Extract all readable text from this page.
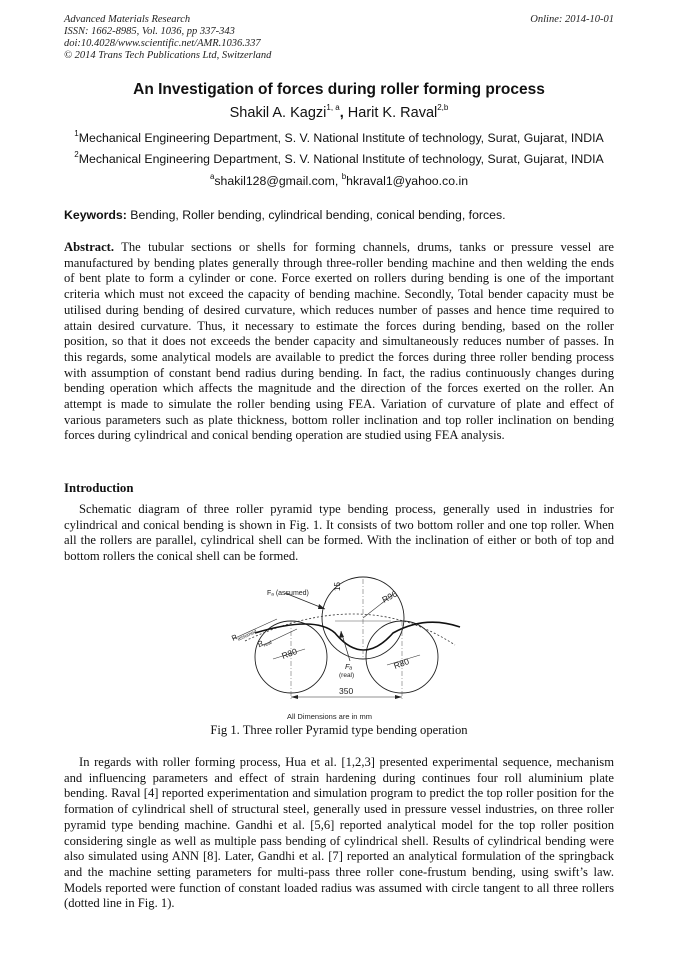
Advanced Materials Research
ISSN: 1662-8985, Vol. 1036, pp 337-343
doi:10.4028/www.scientific.net/AMR.1036.337
© 2014 Trans Tech Publications Ltd, Switzerland
Online: 2014-10-01
An Investigation of forces during roller forming process
Shakil A. Kagzi$^{1, a}$, Harit K. Raval$^{2,b}$
$^1$Mechanical Engineering Department, S. V. National Institute of technology, Surat, Gujarat, INDIA
$^2$Mechanical Engineering Department, S. V. National Institute of technology, Surat, Gujarat, INDIA
$^a$shakil128@gmail.com, $^b$hkraval1@yahoo.co.in
Keywords: Bending, Roller bending, cylindrical bending, conical bending, forces.

Abstract. The tubular sections or shells for forming channels, drums, tanks or pressure vessel are manufactured by bending plates generally through three-roller bending machine and then welding the ends of bent plate to form a cylinder or cone. Force exerted on rollers during bending is one of the important criteria which must not exceed the capacity of bending machine. Secondly, Total bender capacity must be utilised during bending of desired curvature, which reduces number of passes and hence time required to attain desired curvature. Thus, it necessary to estimate the forces during bending, based on the roller position, so that it does not exceeds the bender capacity and simultaneously reduces number of passes. In this regards, some analytical models are available to predict the forces during three roller bending process with assumption of constant bend radius during bending. In fact, the radius continuously changes during bending operation which affects the magnitude and the direction of the forces exerted on the roller. An attempt is made to simulate the roller bending using FEA. Variation of curvature of plate and effect of various parameters such as plate thickness, bottom roller inclination and top roller inclination on bending forces during cylindrical and conical bending operation are studied using FEA analysis.

Introduction

Schematic diagram of three roller pyramid type bending process, generally used in industries for cylindrical and conical bending is shown in Fig. 1. It consists of two bottom roller and one top roller. When all the rollers are parallel, cylindrical shell can be formed. With the inclination of either or both of top and bottom rollers the conical shell can be formed.

Fₐ (assumed)
15
R90
R
assumed
R
real
R80
R80
Fₐ
(real)
350
All Dimensions are in mm
Fig 1. Three roller Pyramid type bending operation

In regards with roller forming process, Hua et al. [1,2,3] presented experimental sequence, mechanism and influencing parameters and effect of strain hardening during continues four roll aluminium plate bending. Raval [4] reported experimentation and simulation program to predict the top roller position for the formation of cylindrical shell of structural steel, generally used in pressure vessel industries, on three roller pyramid type bending machine. Gandhi et al. [5,6] reported analytical model for the top roller position considering single as well as multiple pass bending of cylindrical shell. Results of cylindrical bending were also simulated using ANN [8]. Later, Gandhi et al. [7] reported an analytical formulation of the springback and the machine setting parameters for multi-pass three roller cone-frustum bending, using swift’s law. Models reported were function of constant loaded radius was assumed with circle tangent to all three rollers (dotted line in Fig. 1).
